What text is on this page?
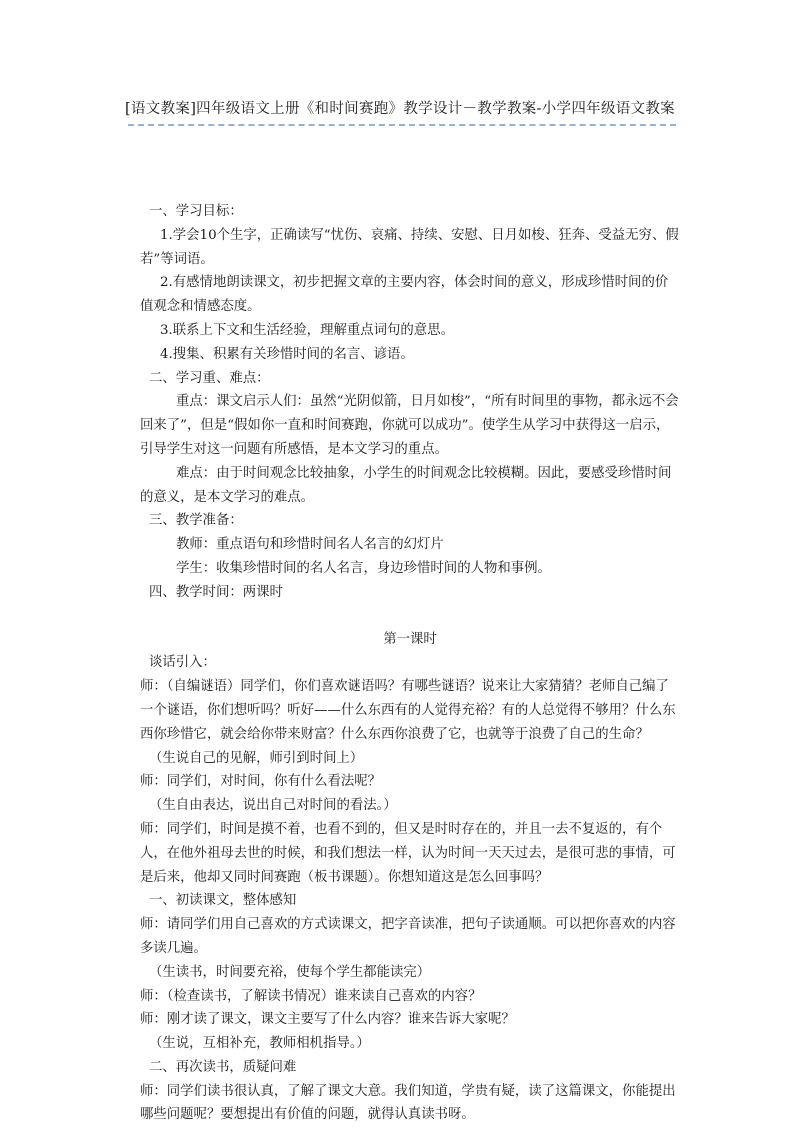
[语文教案]四年级语文上册《和时间赛跑》教学设计－教学教案-小学四年级语文教案

一、学习目标：

1.学会10个生字，正确读写“忧伤、哀痛、持续、安慰、日月如梭、狂奔、受益无穷、假若”等词语。

2.有感情地朗读课文，初步把握文章的主要内容，体会时间的意义，形成珍惜时间的价值观念和情感态度。

3.联系上下文和生活经验，理解重点词句的意思。

4.搜集、积累有关珍惜时间的名言、谚语。

二、学习重、难点：

重点：课文启示人们：虽然“光阴似箭，日月如梭”，“所有时间里的事物，都永远不会回来了”，但是“假如你一直和时间赛跑，你就可以成功”。使学生从学习中获得这一启示，引导学生对这一问题有所感悟，是本文学习的重点。

难点：由于时间观念比较抽象，小学生的时间观念比较模糊。因此，要感受珍惜时间的意义，是本文学习的难点。

三、教学准备：

教师：重点语句和珍惜时间名人名言的幻灯片

学生：收集珍惜时间的名人名言，身边珍惜时间的人物和事例。

四、教学时间：两课时

第一课时

谈话引入：

师：（自编谜语）同学们，你们喜欢谜语吗？有哪些谜语？说来让大家猜猜？老师自己编了一个谜语，你们想听吗？听好——什么东西有的人觉得充裕？有的人总觉得不够用？什么东西你珍惜它，就会给你带来财富？什么东西你浪费了它，也就等于浪费了自己的生命？

（生说自己的见解，师引到时间上）

师：同学们，对时间，你有什么看法呢？

（生自由表达，说出自己对时间的看法。）

师：同学们，时间是摸不着，也看不到的，但又是时时存在的，并且一去不复返的，有个人，在他外祖母去世的时候，和我们想法一样，认为时间一天天过去，是很可悲的事情，可是后来，他却又同时间赛跑（板书课题）。你想知道这是怎么回事吗？

一、初读课文，整体感知

师：请同学们用自己喜欢的方式读课文，把字音读准，把句子读通顺。可以把你喜欢的内容多读几遍。

（生读书，时间要充裕，使每个学生都能读完）

师：（检查读书，了解读书情况）谁来读自己喜欢的内容？

师：刚才读了课文，课文主要写了什么内容？谁来告诉大家呢？

（生说，互相补充，教师相机指导。）

二、再次读书，质疑问难

师：同学们读书很认真，了解了课文大意。我们知道，学贵有疑，读了这篇课文，你能提出哪些问题呢？要想提出有价值的问题，就得认真读书呀。
